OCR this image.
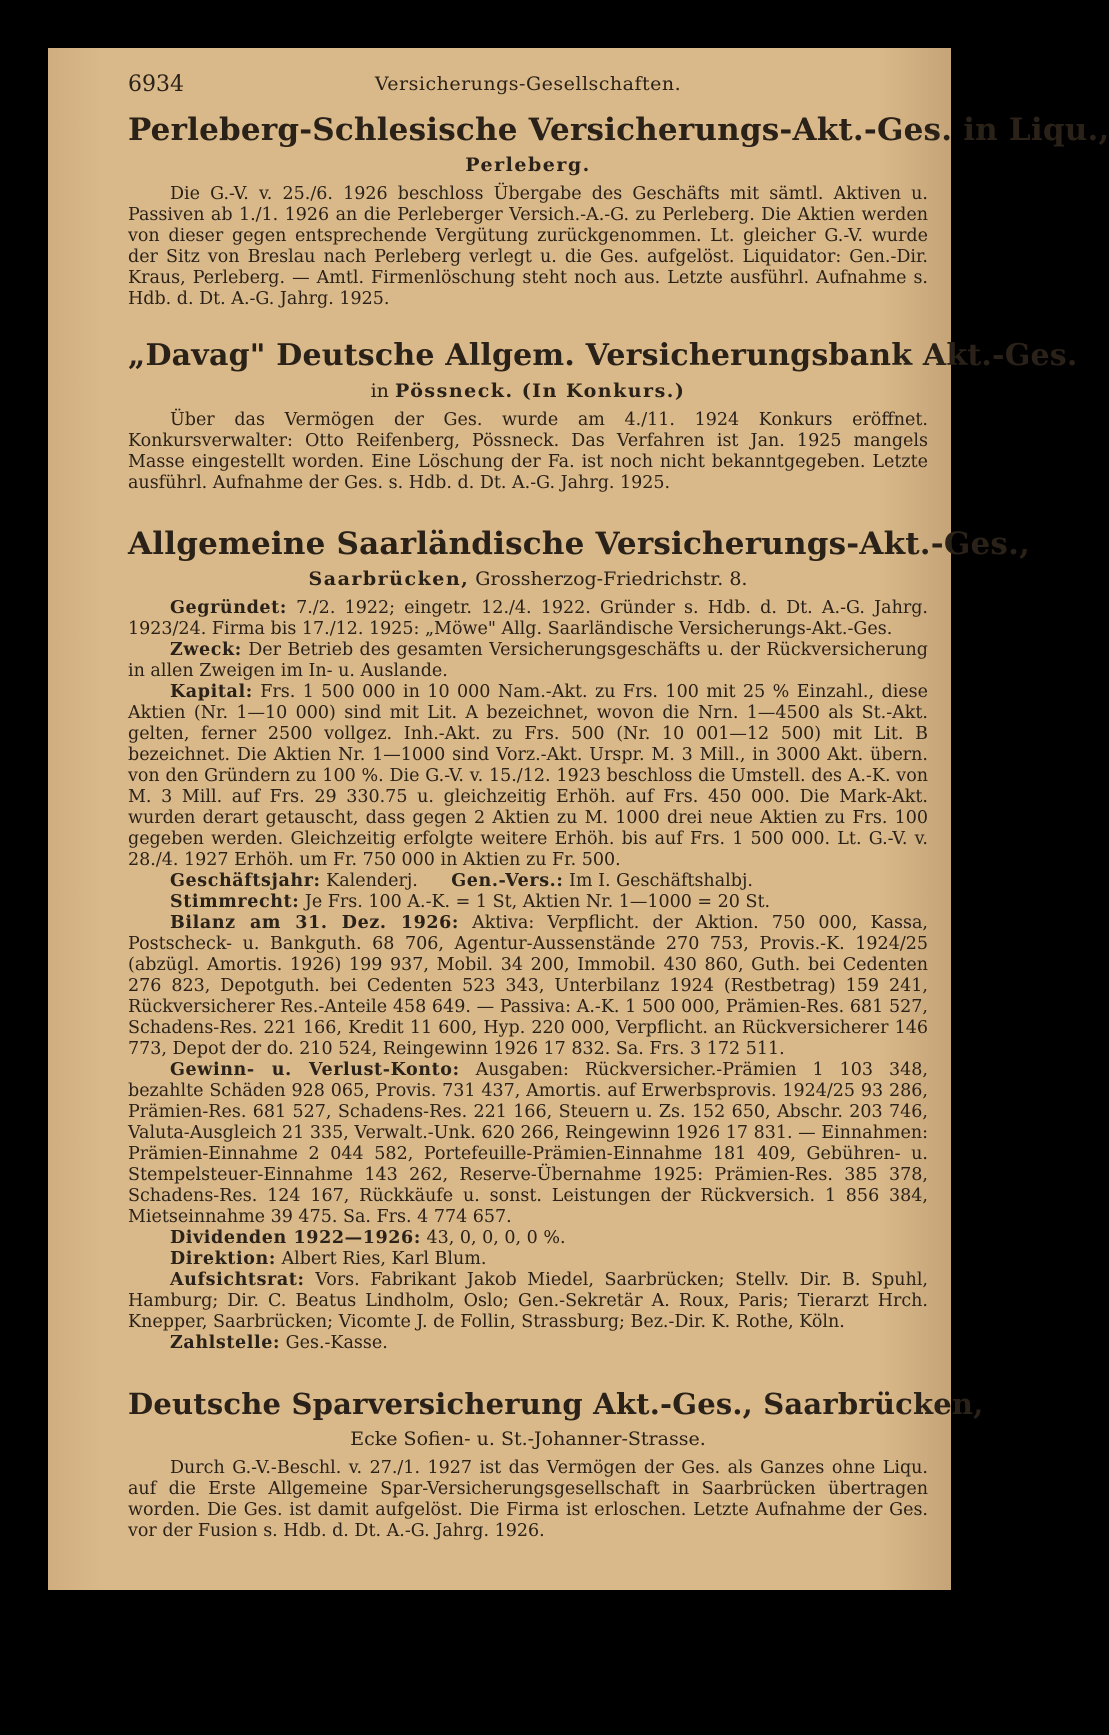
6934	Versicherungs-Gesellschaften.
Perleberg-Schlesische Versicherungs-Akt.-Ges. in Liqu.,
Perleberg.

Die G.-V. v. 25./6. 1926 beschloss Übergabe des Geschäfts mit sämtl. Aktiven u. Passiven ab 1./1. 1926 an die Perleberger Versich.-A.-G. zu Perleberg. Die Aktien werden von dieser gegen entsprechende Vergütung zurückgenommen. Lt. gleicher G.-V. wurde der Sitz von Breslau nach Perleberg verlegt u. die Ges. aufgelöst. Liquidator: Gen.-Dir. Kraus, Perleberg. — Amtl. Firmenlöschung steht noch aus. Letzte ausführl. Aufnahme s. Hdb. d. Dt. A.-G. Jahrg. 1925.

„Davag" Deutsche Allgem. Versicherungsbank Akt.-Ges.
in Pössneck. (In Konkurs.)

Über das Vermögen der Ges. wurde am 4./11. 1924 Konkurs eröffnet. Konkursverwalter: Otto Reifenberg, Pössneck. Das Verfahren ist Jan. 1925 mangels Masse eingestellt worden. Eine Löschung der Fa. ist noch nicht bekanntgegeben. Letzte ausführl. Aufnahme der Ges. s. Hdb. d. Dt. A.-G. Jahrg. 1925.

Allgemeine Saarländische Versicherungs-Akt.-Ges.,
Saarbrücken, Grossherzog-Friedrichstr. 8.

Gegründet: 7./2. 1922; eingetr. 12./4. 1922. Gründer s. Hdb. d. Dt. A.-G. Jahrg. 1923/24. Firma bis 17./12. 1925: „Möwe" Allg. Saarländische Versicherungs-Akt.-Ges.

Zweck: Der Betrieb des gesamten Versicherungsgeschäfts u. der Rückversicherung in allen Zweigen im In- u. Auslande.

Kapital: Frs. 1 500 000 in 10 000 Nam.-Akt. zu Frs. 100 mit 25 % Einzahl., diese Aktien (Nr. 1—10 000) sind mit Lit. A bezeichnet, wovon die Nrn. 1—4500 als St.-Akt. gelten, ferner 2500 vollgez. Inh.-Akt. zu Frs. 500 (Nr. 10 001—12 500) mit Lit. B bezeichnet. Die Aktien Nr. 1—1000 sind Vorz.-Akt. Urspr. M. 3 Mill., in 3000 Akt. übern. von den Gründern zu 100 %. Die G.-V. v. 15./12. 1923 beschloss die Umstell. des A.-K. von M. 3 Mill. auf Frs. 29 330.75 u. gleichzeitig Erhöh. auf Frs. 450 000. Die Mark-Akt. wurden derart getauscht, dass gegen 2 Aktien zu M. 1000 drei neue Aktien zu Frs. 100 gegeben werden. Gleichzeitig erfolgte weitere Erhöh. bis auf Frs. 1 500 000. Lt. G.-V. v. 28./4. 1927 Erhöh. um Fr. 750 000 in Aktien zu Fr. 500.

Geschäftsjahr: Kalenderj. Gen.-Vers.: Im I. Geschäftshalbj.

Stimmrecht: Je Frs. 100 A.-K. = 1 St, Aktien Nr. 1—1000 = 20 St.

Bilanz am 31. Dez. 1926: Aktiva: Verpflicht. der Aktion. 750 000, Kassa, Postscheck- u. Bankguth. 68 706, Agentur-Aussenstände 270 753, Provis.-K. 1924/25 (abzügl. Amortis. 1926) 199 937, Mobil. 34 200, Immobil. 430 860, Guth. bei Cedenten 276 823, Depotguth. bei Cedenten 523 343, Unterbilanz 1924 (Restbetrag) 159 241, Rückversicherer Res.-Anteile 458 649. — Passiva: A.-K. 1 500 000, Prämien-Res. 681 527, Schadens-Res. 221 166, Kredit 11 600, Hyp. 220 000, Verpflicht. an Rückversicherer 146 773, Depot der do. 210 524, Reingewinn 1926 17 832. Sa. Frs. 3 172 511.

Gewinn- u. Verlust-Konto: Ausgaben: Rückversicher.-Prämien 1 103 348, bezahlte Schäden 928 065, Provis. 731 437, Amortis. auf Erwerbsprovis. 1924/25 93 286, Prämien-Res. 681 527, Schadens-Res. 221 166, Steuern u. Zs. 152 650, Abschr. 203 746, Valuta-Ausgleich 21 335, Verwalt.-Unk. 620 266, Reingewinn 1926 17 831. — Einnahmen: Prämien-Einnahme 2 044 582, Portefeuille-Prämien-Einnahme 181 409, Gebühren- u. Stempelsteuer-Einnahme 143 262, Reserve-Übernahme 1925: Prämien-Res. 385 378, Schadens-Res. 124 167, Rückkäufe u. sonst. Leistungen der Rückversich. 1 856 384, Mietseinnahme 39 475. Sa. Frs. 4 774 657.

Dividenden 1922—1926: 43, 0, 0, 0, 0 %.

Direktion: Albert Ries, Karl Blum.

Aufsichtsrat: Vors. Fabrikant Jakob Miedel, Saarbrücken; Stellv. Dir. B. Spuhl, Hamburg; Dir. C. Beatus Lindholm, Oslo; Gen.-Sekretär A. Roux, Paris; Tierarzt Hrch. Knepper, Saarbrücken; Vicomte J. de Follin, Strassburg; Bez.-Dir. K. Rothe, Köln.

Zahlstelle: Ges.-Kasse.

Deutsche Sparversicherung Akt.-Ges., Saarbrücken,
Ecke Sofien- u. St.-Johanner-Strasse.

Durch G.-V.-Beschl. v. 27./1. 1927 ist das Vermögen der Ges. als Ganzes ohne Liqu. auf die Erste Allgemeine Spar-Versicherungsgesellschaft in Saarbrücken übertragen worden. Die Ges. ist damit aufgelöst. Die Firma ist erloschen. Letzte Aufnahme der Ges. vor der Fusion s. Hdb. d. Dt. A.-G. Jahrg. 1926.
